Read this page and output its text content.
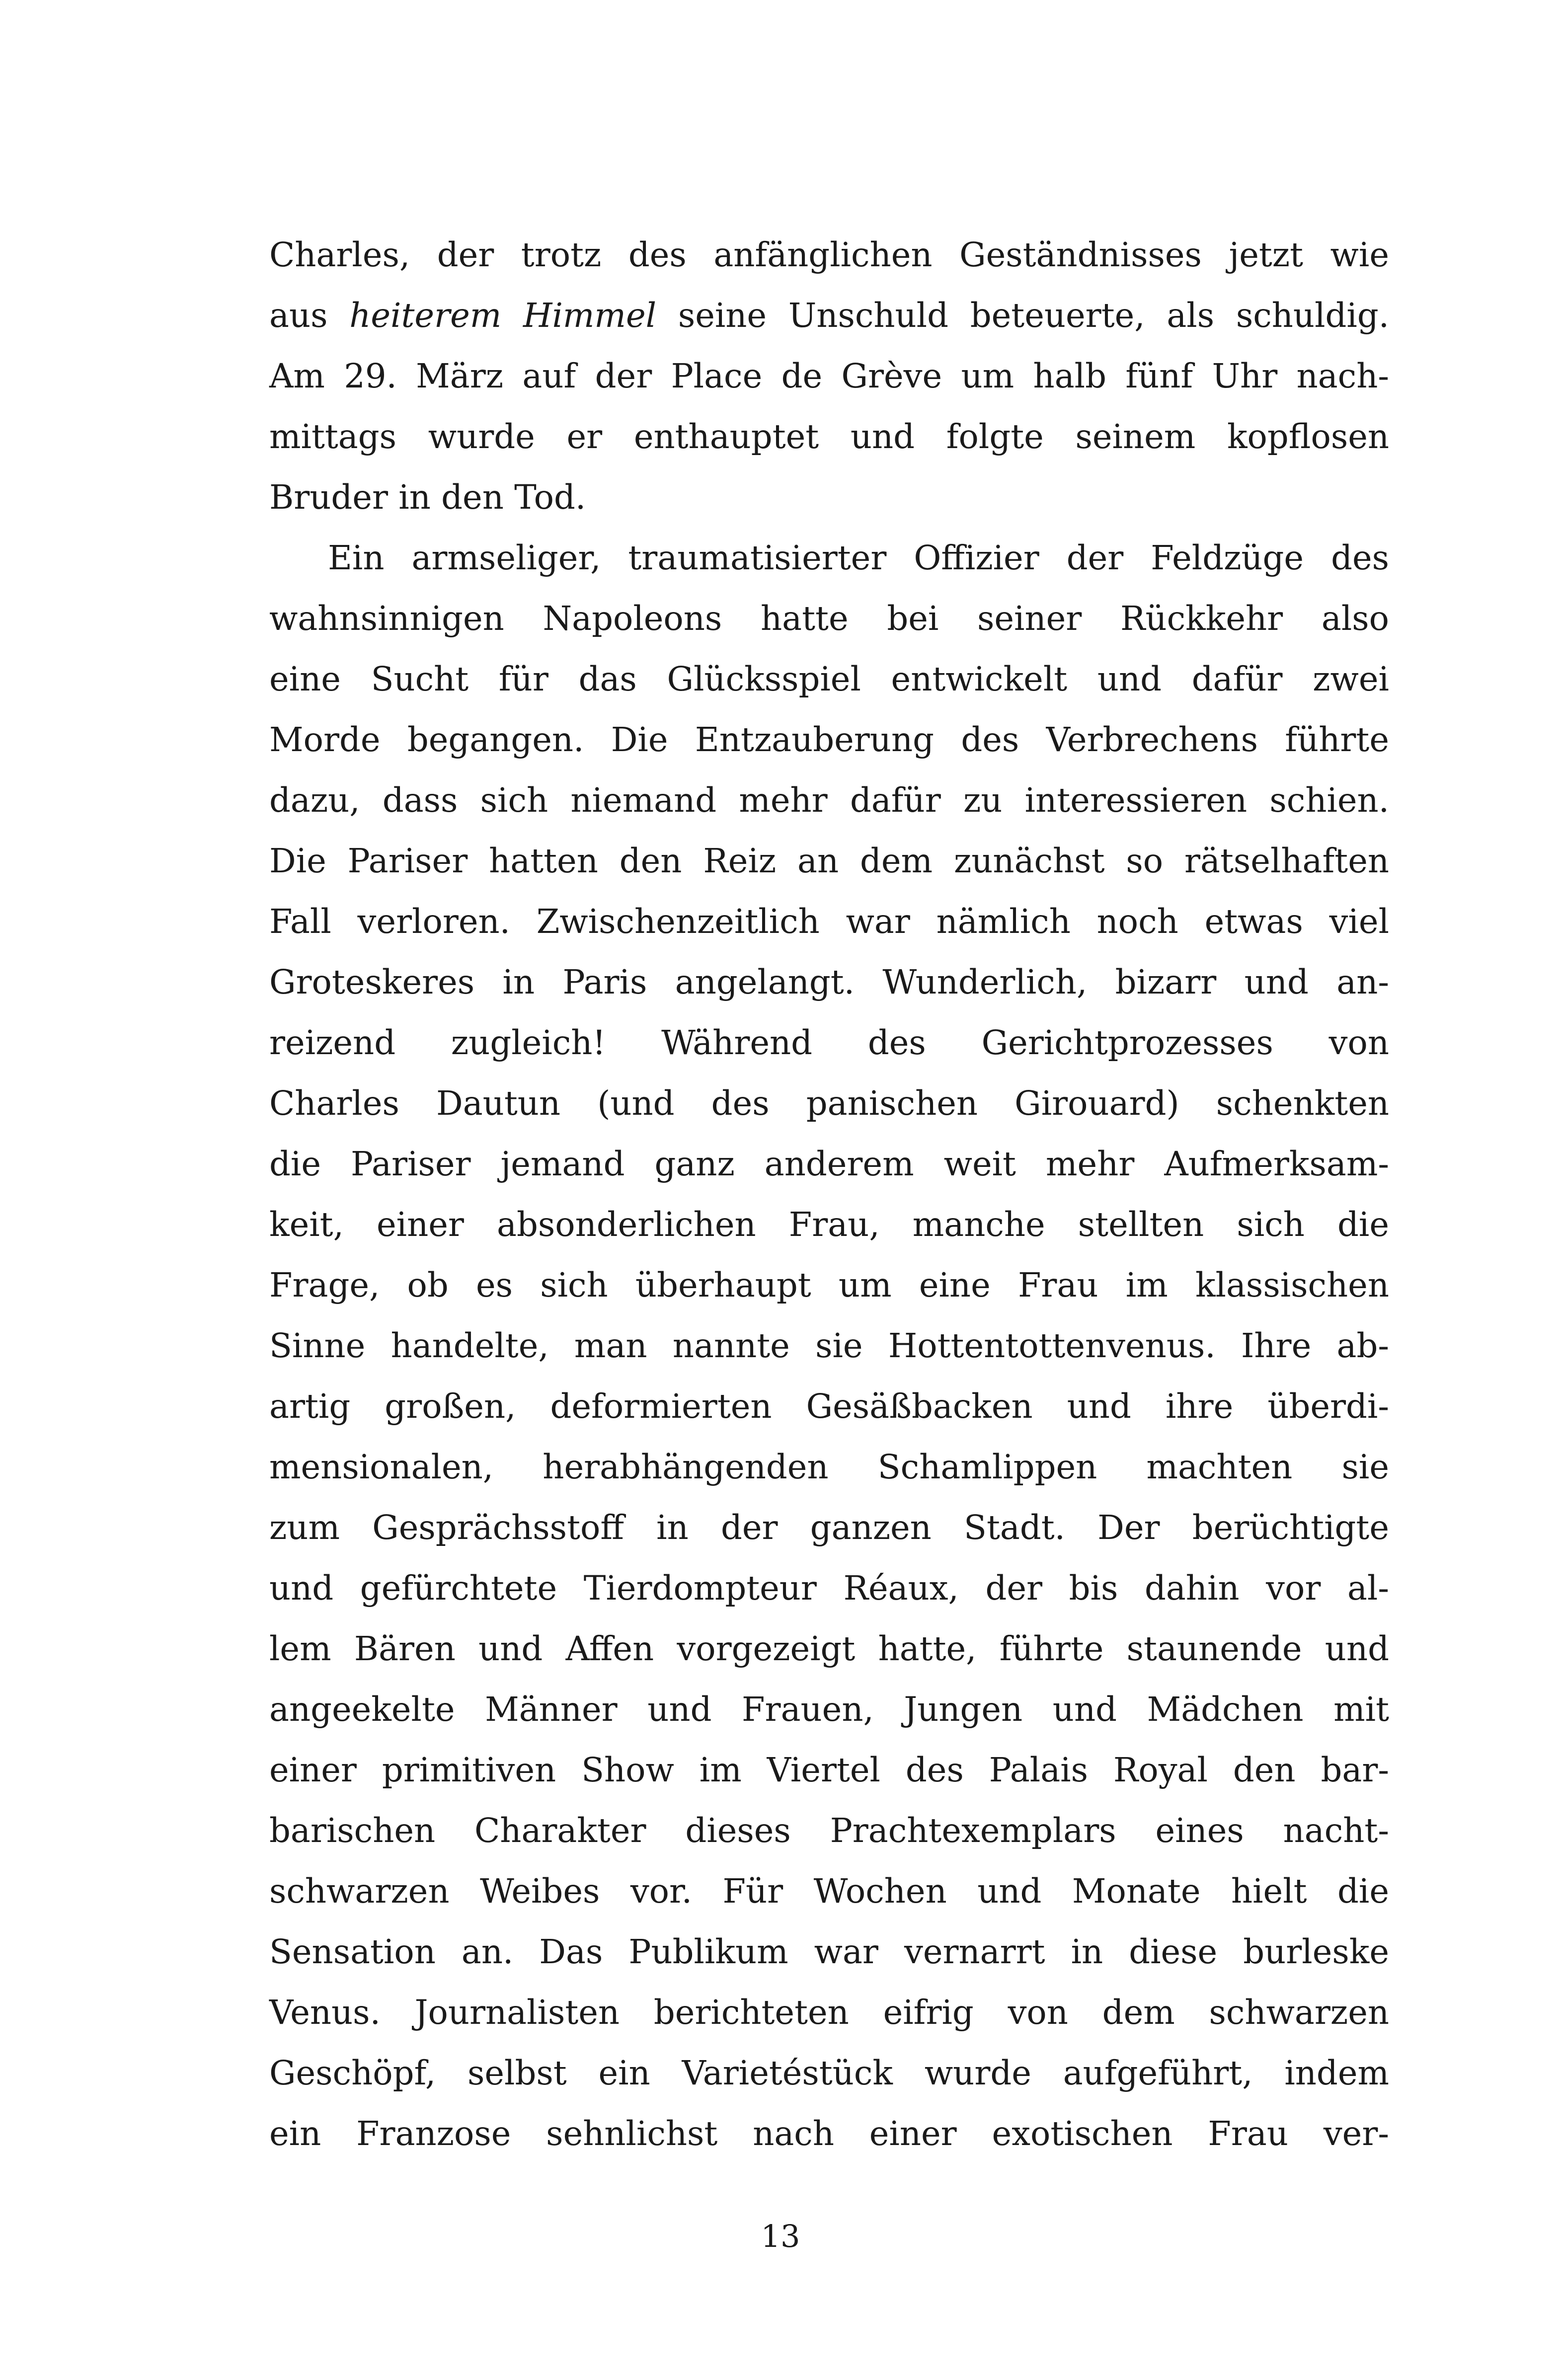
Charles, der trotz des anfänglichen Geständnisses jetzt wie
aus heiterem Himmel seine Unschuld beteuerte, als schuldig.
Am 29. März auf der Place de Grève um halb fünf Uhr nach-
mittags wurde er enthauptet und folgte seinem kopflosen
Bruder in den Tod.
Ein armseliger, traumatisierter Offizier der Feldzüge des
wahnsinnigen Napoleons hatte bei seiner Rückkehr also
eine Sucht für das Glücksspiel entwickelt und dafür zwei
Morde begangen. Die Entzauberung des Verbrechens führte
dazu, dass sich niemand mehr dafür zu interessieren schien.
Die Pariser hatten den Reiz an dem zunächst so rätselhaften
Fall verloren. Zwischenzeitlich war nämlich noch etwas viel
Groteskeres in Paris angelangt. Wunderlich, bizarr und an-
reizend zugleich! Während des Gerichtprozesses von
Charles Dautun (und des panischen Girouard) schenkten
die Pariser jemand ganz anderem weit mehr Aufmerksam-
keit, einer absonderlichen Frau, manche stellten sich die
Frage, ob es sich überhaupt um eine Frau im klassischen
Sinne handelte, man nannte sie Hottentottenvenus. Ihre ab-
artig großen, deformierten Gesäßbacken und ihre überdi-
mensionalen, herabhängenden Schamlippen machten sie
zum Gesprächsstoff in der ganzen Stadt. Der berüchtigte
und gefürchtete Tierdompteur Réaux, der bis dahin vor al-
lem Bären und Affen vorgezeigt hatte, führte staunende und
angeekelte Männer und Frauen, Jungen und Mädchen mit
einer primitiven Show im Viertel des Palais Royal den bar-
barischen Charakter dieses Prachtexemplars eines nacht-
schwarzen Weibes vor. Für Wochen und Monate hielt die
Sensation an. Das Publikum war vernarrt in diese burleske
Venus. Journalisten berichteten eifrig von dem schwarzen
Geschöpf, selbst ein Varietéstück wurde aufgeführt, indem
ein Franzose sehnlichst nach einer exotischen Frau ver-
13
